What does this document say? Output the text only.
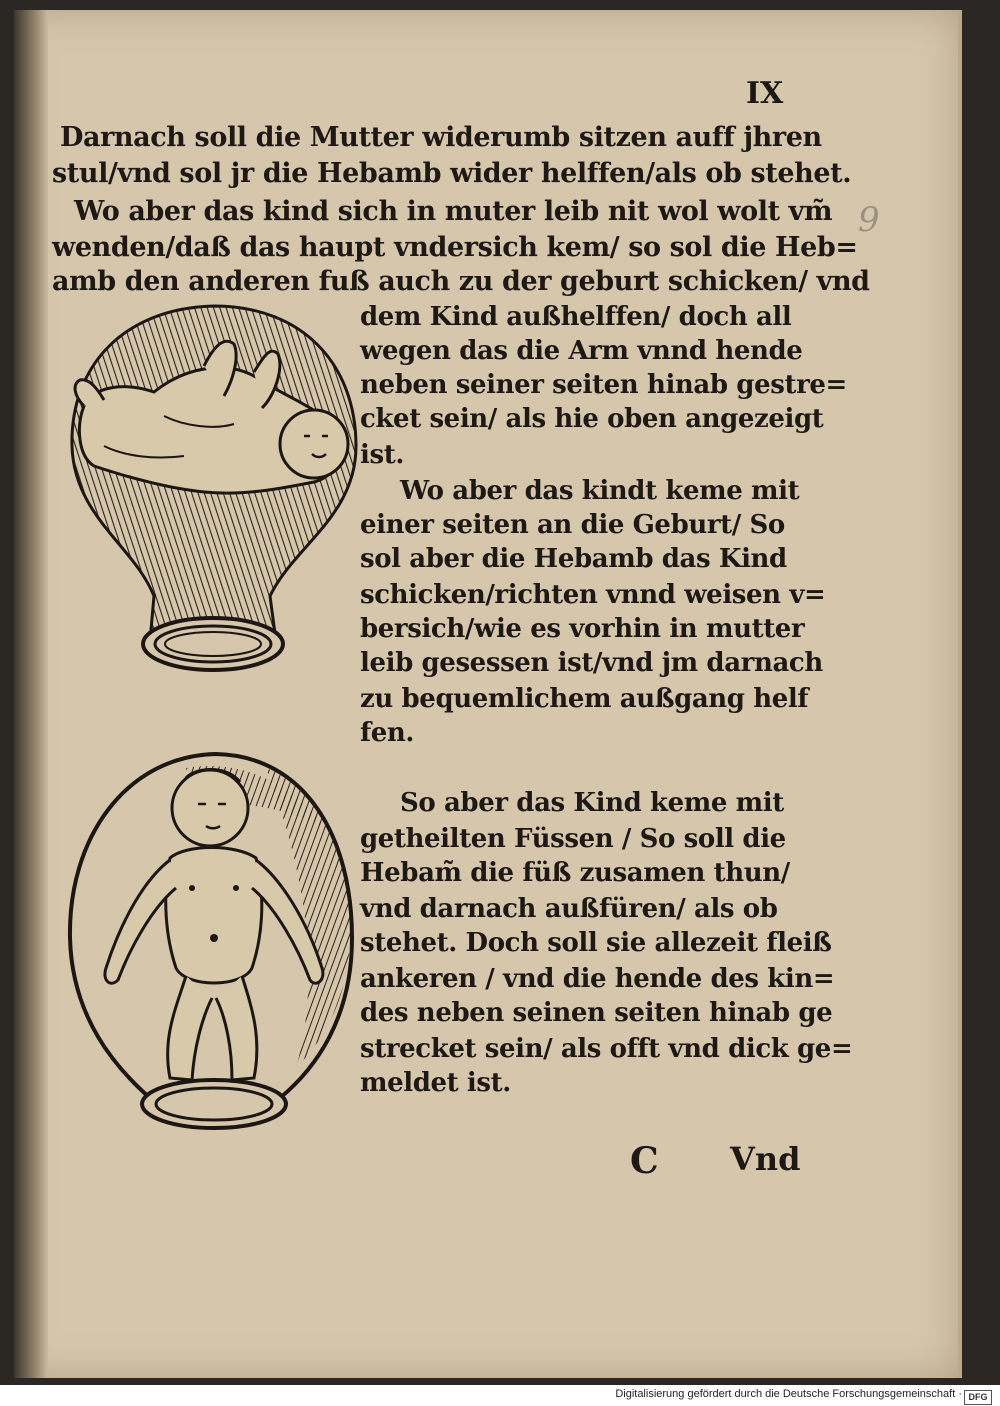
IX
9
Darnach soll die Mutter widerumb sitzen auff jhren
stul/vnd sol jr die Hebamb wider helffen/als ob stehet.
Wo aber das kind sich in muter leib nit wol wolt vm̃
wenden/daß das haupt vndersich kem/ so sol die Heb=
amb den anderen fuß auch zu der geburt schicken/ vnd
dem Kind außhelffen/ doch all
wegen das die Arm vnnd hende
neben seiner seiten hinab gestre=
cket sein/ als hie oben angezeigt
ist.
Wo aber das kindt keme mit
einer seiten an die Geburt/ So
sol aber die Hebamb das Kind
schicken/richten vnnd weisen v=
bersich/wie es vorhin in mutter
leib gesessen ist/vnd jm darnach
zu bequemlichem außgang helf
fen.
So aber das Kind keme mit
getheilten Füssen / So soll die
Hebam̃ die füß zusamen thun/
vnd darnach außfüren/ als ob
stehet. Doch soll sie allezeit fleiß
ankeren / vnd die hende des kin=
des neben seinen seiten hinab ge
strecket sein/ als offt vnd dick ge=
meldet ist.
C Vnd
Digitalisierung gefördert durch die Deutsche Forschungsgemeinschaft · DFG
